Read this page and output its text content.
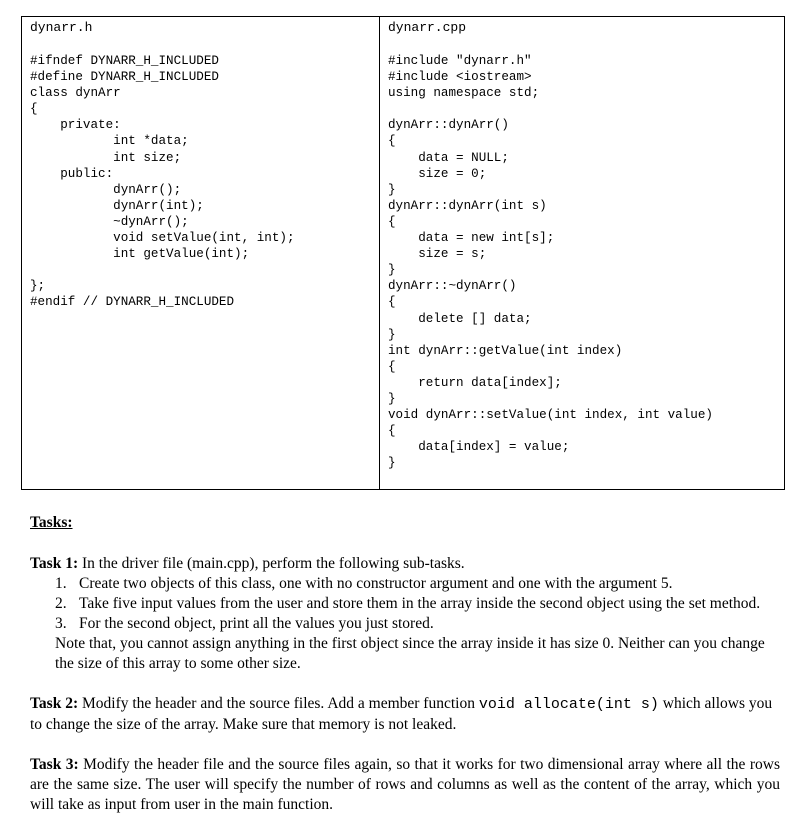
dynarr.h
#ifndef DYNARR_H_INCLUDED
#define DYNARR_H_INCLUDED
class dynArr
{
private:
int *data;
int size;
public:
dynArr();
dynArr(int);
~dynArr();
void setValue(int, int);
int getValue(int);
};
#endif // DYNARR_H_INCLUDED
dynarr.cpp
#include "dynarr.h"
#include <iostream>
using namespace std;
dynArr::dynArr()
{
data = NULL;
size = 0;
}
dynArr::dynArr(int s)
{
data = new int[s];
size = s;
}
dynArr::~dynArr()
{
delete [] data;
}
int dynArr::getValue(int index)
{
return data[index];
}
void dynArr::setValue(int index, int value)
{
data[index] = value;
}
Tasks:
Task 1: In the driver file (main.cpp), perform the following sub-tasks.
1. Create two objects of this class, one with no constructor argument and one with the argument 5.
2. Take five input values from the user and store them in the array inside the second object using the set method.
3. For the second object, print all the values you just stored.
Note that, you cannot assign anything in the first object since the array inside it has size 0. Neither can you change the size of this array to some other size.
Task 2: Modify the header and the source files. Add a member function void allocate(int s) which allows you to change the size of the array. Make sure that memory is not leaked.
Task 3: Modify the header file and the source files again, so that it works for two dimensional array where all the rows are the same size. The user will specify the number of rows and columns as well as the content of the array, which you will take as input from user in the main function.
